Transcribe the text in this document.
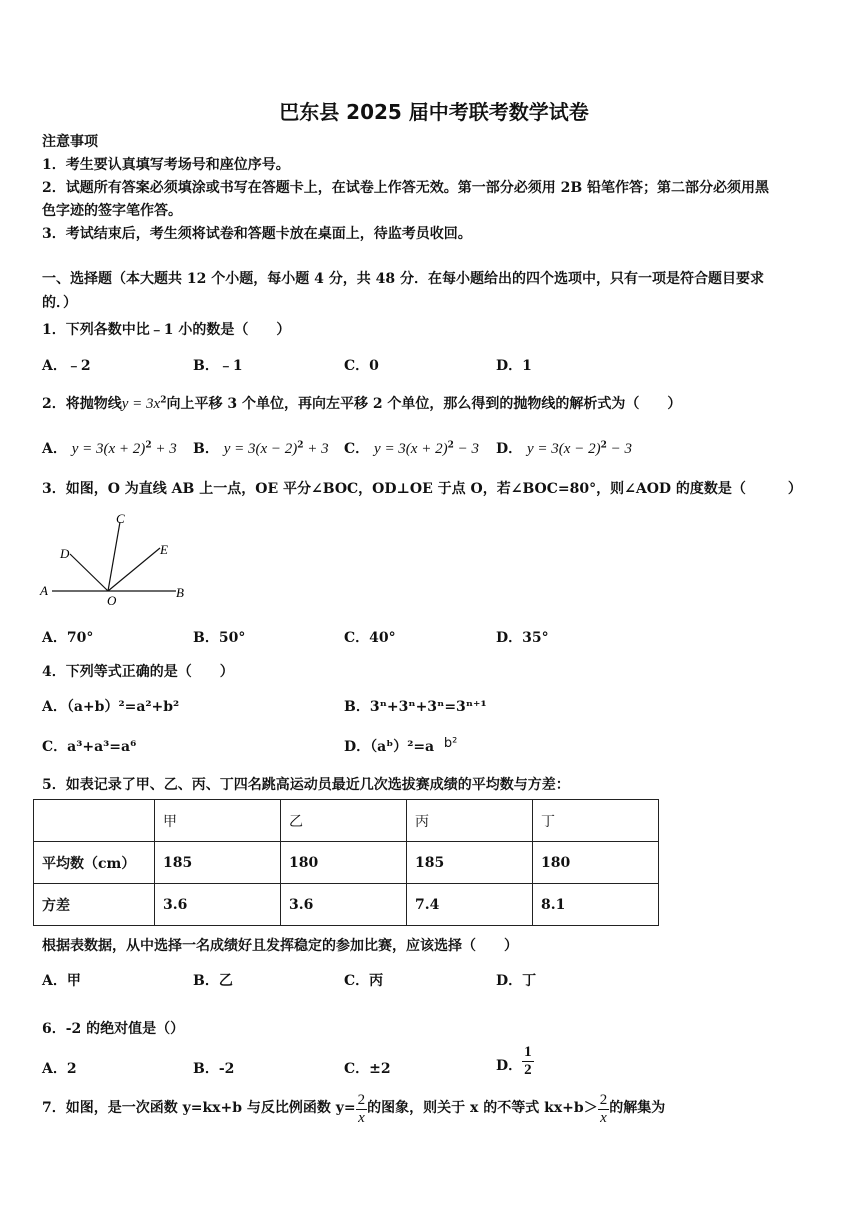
巴东县 2025 届中考联考数学试卷
注意事项
1．考生要认真填写考场号和座位序号。
2．试题所有答案必须填涂或书写在答题卡上，在试卷上作答无效。第一部分必须用 2B 铅笔作答；第二部分必须用黑
色字迹的签字笔作答。
3．考试结束后，考生须将试卷和答题卡放在桌面上，待监考员收回。
一、选择题（本大题共 12 个小题，每小题 4 分，共 48 分．在每小题给出的四个选项中，只有一项是符合题目要求
的．）
1．下列各数中比﹣1 小的数是（　　）
A．﹣2	B．﹣1	C．0	D．1
2．将抛物线$y = 3x^2$向上平移 3 个单位，再向左平移 2 个单位，那么得到的抛物线的解析式为（　　）
A． $y = 3(x + 2)^2 + 3$ B． $y = 3(x - 2)^2 + 3$ C． $y = 3(x + 2)^2 - 3$ D． $y = 3(x - 2)^2 - 3$
3．如图，O 为直线 AB 上一点，OE 平分∠BOC，OD⊥OE 于点 O，若∠BOC=80°，则∠AOD 的度数是（　　　）
A	B
C
D	E
O
A．70°	B．50°	C．40°	D．35°
4．下列等式正确的是（　　）
A．（a+b）²=a²+b²	B．3ⁿ+3ⁿ+3ⁿ=3ⁿ⁺¹
C．a³+a³=a⁶	D．（aᵇ）²=a b²
5．如表记录了甲、乙、丙、丁四名跳高运动员最近几次选拔赛成绩的平均数与方差：
	甲	乙	丙	丁
平均数（cm）	185	180	185	180
方差	3.6	3.6	7.4	8.1
根据表数据，从中选择一名成绩好且发挥稳定的参加比赛，应该选择（　　）
A．甲	B．乙	C．丙	D．丁
6．-2 的绝对值是（）
A．2	B．-2	C．±2	D． $\frac{1}{2}$
7．如图，是一次函数 y=kx+b 与反比例函数 $y= \frac{2}{x}$ 的图象，则关于 x 的不等式 $kx+b> \frac{2}{x}$ 的解集为
